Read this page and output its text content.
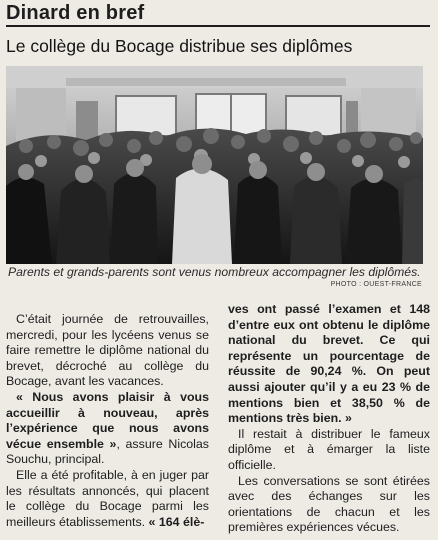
Dinard en bref
Le collège du Bocage distribue ses diplômes
Parents et grands-parents sont venus nombreux accompagner les diplômés.
PHOTO : OUEST-FRANCE

C’était journée de retrouvailles, mercredi, pour les lycéens venus se faire remettre le diplôme national du brevet, décroché au collège du Bocage, avant les vacances.

« Nous avons plaisir à vous accueillir à nouveau, après l’expérience que nous avons vécue ensemble », assure Nicolas Souchu, principal.

Elle a été profitable, à en juger par les résultats annoncés, qui placent le collège du Bocage parmi les meilleurs établissements. « 164 élè-

ves ont passé l’examen et 148 d’entre eux ont obtenu le diplôme national du brevet. Ce qui représente un pourcentage de réussite de 90,24 %. On peut aussi ajouter qu’il y a eu 23 % de mentions bien et 38,50 % de mentions très bien. »

Il restait à distribuer le fameux diplôme et à émarger la liste officielle.

Les conversations se sont étirées avec des échanges sur les orientations de chacun et les premières expériences vécues.
